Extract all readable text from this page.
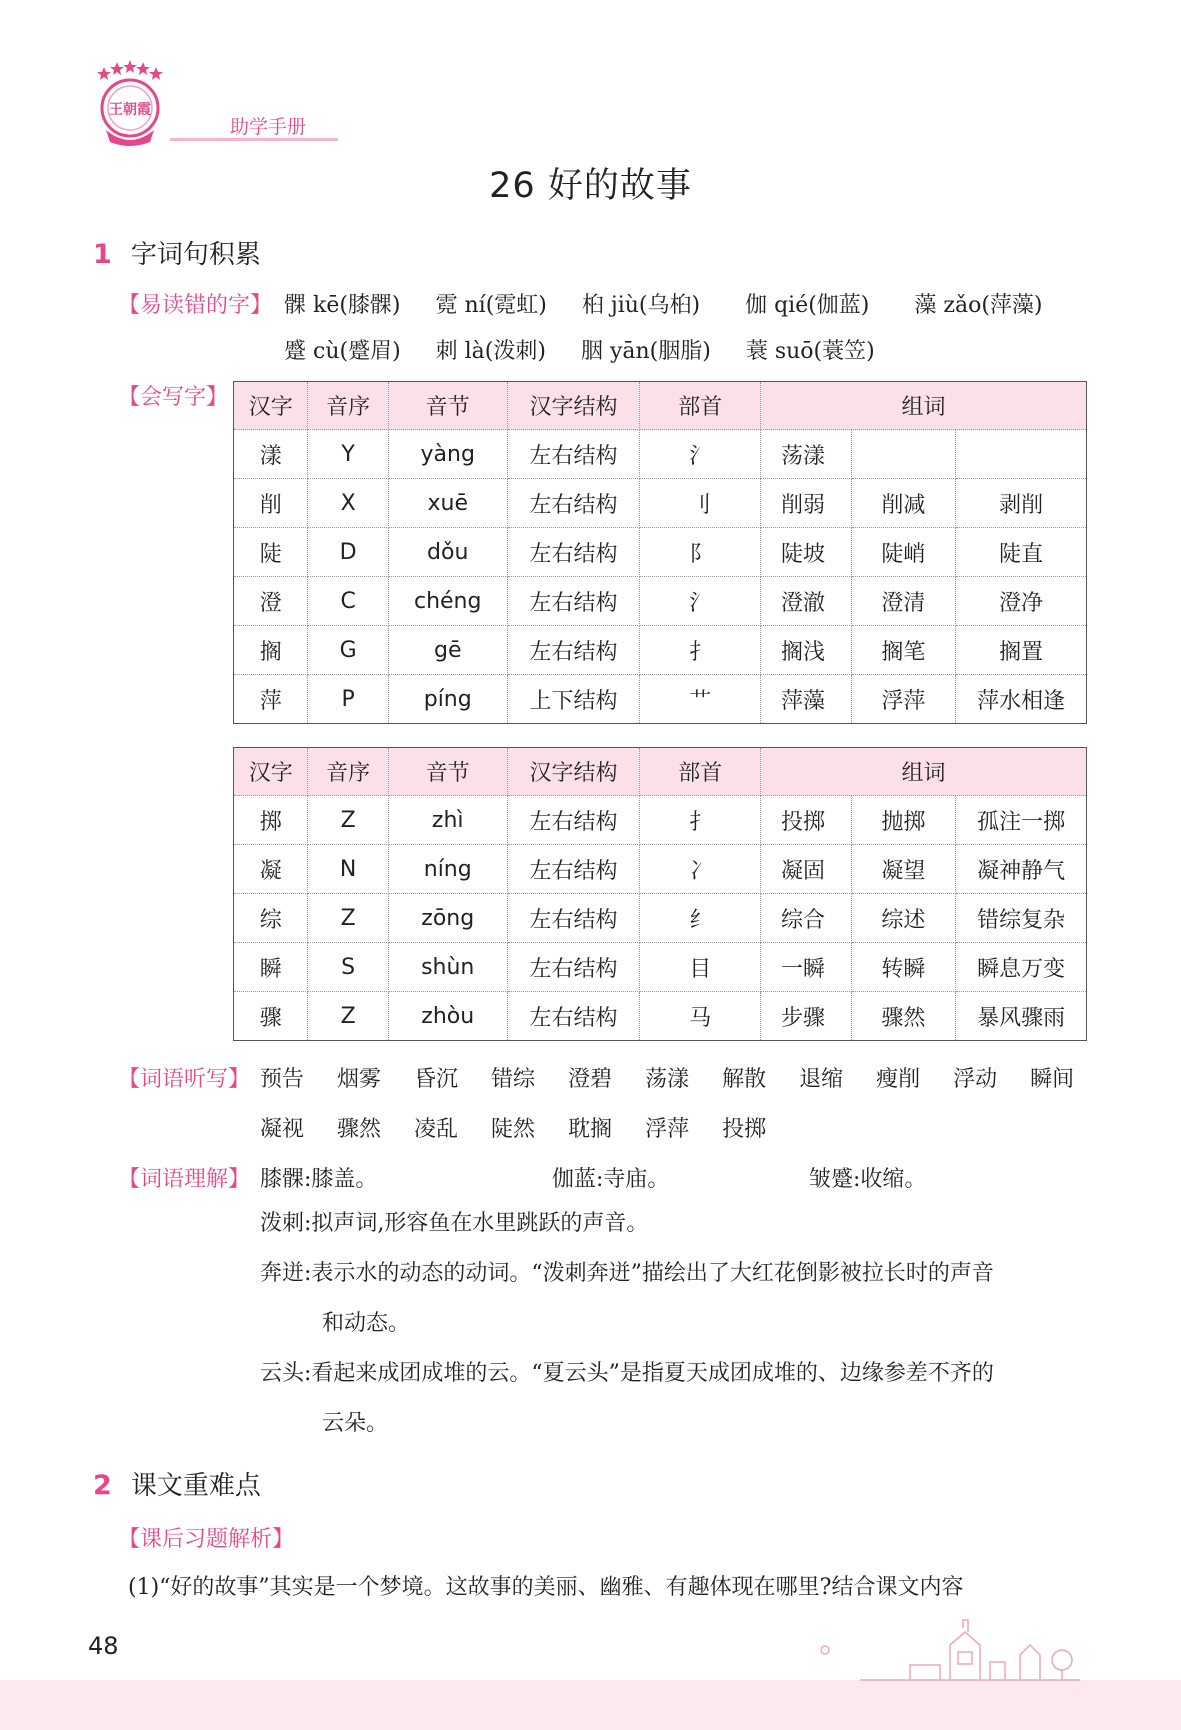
王朝霞
助学手册
26 好的故事
1 字词句积累
【易读错的字】 髁 kē(膝髁) 霓 ní(霓虹) 桕 jiù(乌桕) 伽 qié(伽蓝) 藻 zǎo(萍藻)
蹙 cù(蹙眉) 刺 là(泼刺) 胭 yān(胭脂) 蓑 suō(蓑笠)
【会写字】 汉字	音序	音节	汉字结构	部首	组词		
漾	Y	yàng	左右结构	氵	荡漾		
削	X	xuē	左右结构	刂	削弱	削减	剥削
陡	D	dǒu	左右结构	阝	陡坡	陡峭	陡直
澄	C	chéng	左右结构	氵	澄澈	澄清	澄净
搁	G	gē	左右结构	扌	搁浅	搁笔	搁置
萍	P	píng	上下结构	艹	萍藻	浮萍	萍水相逢
汉字	音序	音节	汉字结构	部首	组词		
掷	Z	zhì	左右结构	扌	投掷	抛掷	孤注一掷
凝	N	níng	左右结构	冫	凝固	凝望	凝神静气
综	Z	zōng	左右结构	纟	综合	综述	错综复杂
瞬	S	shùn	左右结构	目	一瞬	转瞬	瞬息万变
骤	Z	zhòu	左右结构	马	步骤	骤然	暴风骤雨
【词语听写】 预告 烟雾 昏沉 错综 澄碧 荡漾 解散 退缩 瘦削 浮动 瞬间
凝视 骤然 凌乱 陡然 耽搁 浮萍 投掷
【词语理解】 膝髁:膝盖。	伽蓝:寺庙。	皱蹙:收缩。
泼刺:拟声词,形容鱼在水里跳跃的声音。
奔迸:表示水的动态的动词。“泼刺奔迸”描绘出了大红花倒影被拉长时的声音
和动态。
云头:看起来成团成堆的云。“夏云头”是指夏天成团成堆的、边缘参差不齐的
云朵。
2 课文重难点
【课后习题解析】
(1)“好的故事”其实是一个梦境。这故事的美丽、幽雅、有趣体现在哪里?结合课文内容
48
